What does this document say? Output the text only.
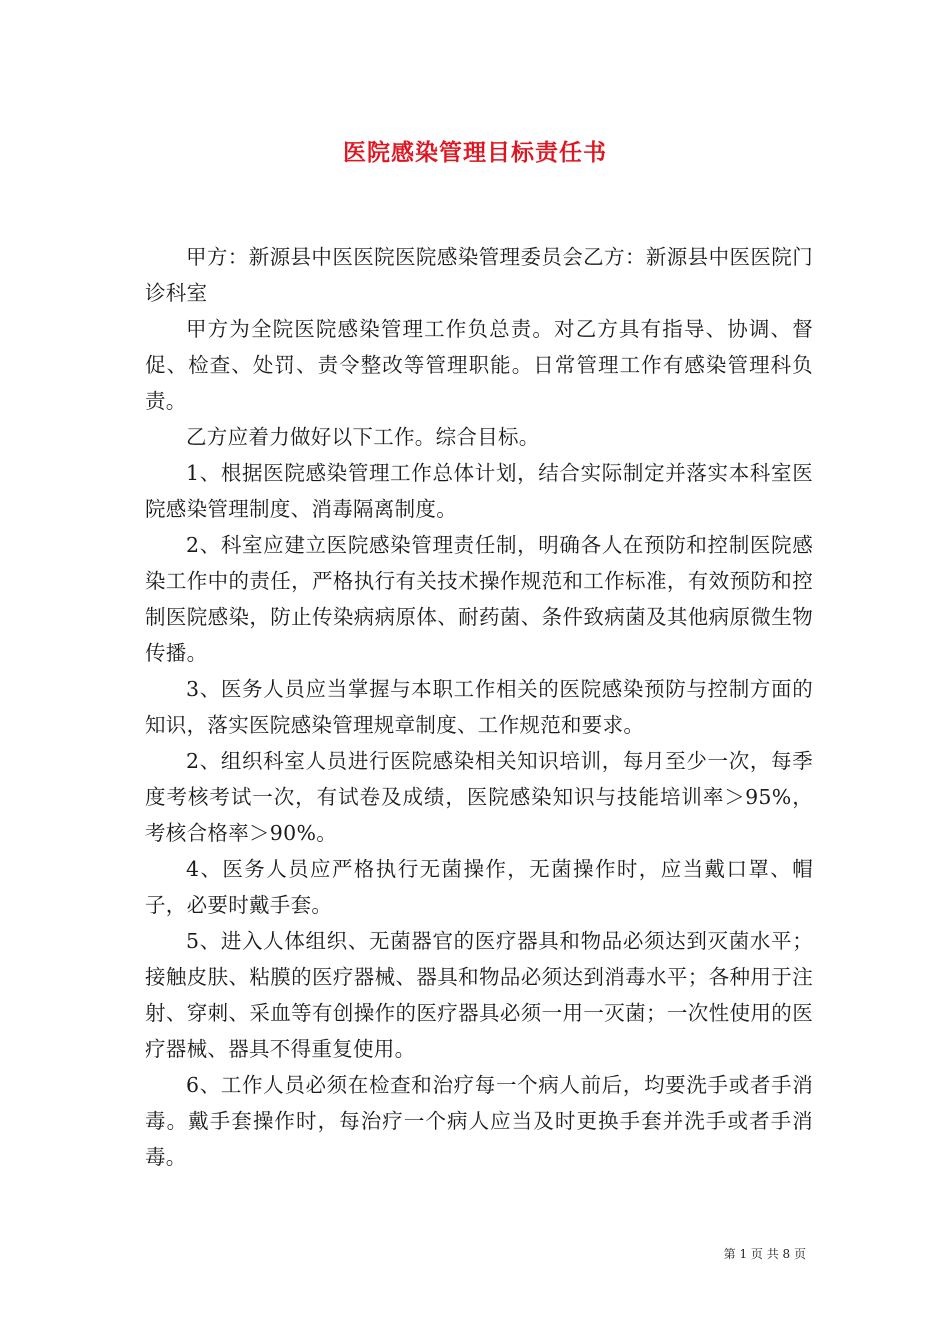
医院感染管理目标责任书

甲方：新源县中医医院医院感染管理委员会乙方：新源县中医医院门诊科室

甲方为全院医院感染管理工作负总责。对乙方具有指导、协调、督促、检查、处罚、责令整改等管理职能。日常管理工作有感染管理科负责。

乙方应着力做好以下工作。综合目标。

1、根据医院感染管理工作总体计划，结合实际制定并落实本科室医院感染管理制度、消毒隔离制度。

2、科室应建立医院感染管理责任制，明确各人在预防和控制医院感染工作中的责任，严格执行有关技术操作规范和工作标准，有效预防和控制医院感染，防止传染病病原体、耐药菌、条件致病菌及其他病原微生物传播。

3、医务人员应当掌握与本职工作相关的医院感染预防与控制方面的知识，落实医院感染管理规章制度、工作规范和要求。

2、组织科室人员进行医院感染相关知识培训，每月至少一次，每季度考核考试一次，有试卷及成绩，医院感染知识与技能培训率＞95%，考核合格率＞90%。

4、医务人员应严格执行无菌操作，无菌操作时，应当戴口罩、帽子，必要时戴手套。

5、进入人体组织、无菌器官的医疗器具和物品必须达到灭菌水平；接触皮肤、粘膜的医疗器械、器具和物品必须达到消毒水平；各种用于注射、穿刺、采血等有创操作的医疗器具必须一用一灭菌；一次性使用的医疗器械、器具不得重复使用。

6、工作人员必须在检查和治疗每一个病人前后，均要洗手或者手消毒。戴手套操作时，每治疗一个病人应当及时更换手套并洗手或者手消毒。

第 1 页 共 8 页
